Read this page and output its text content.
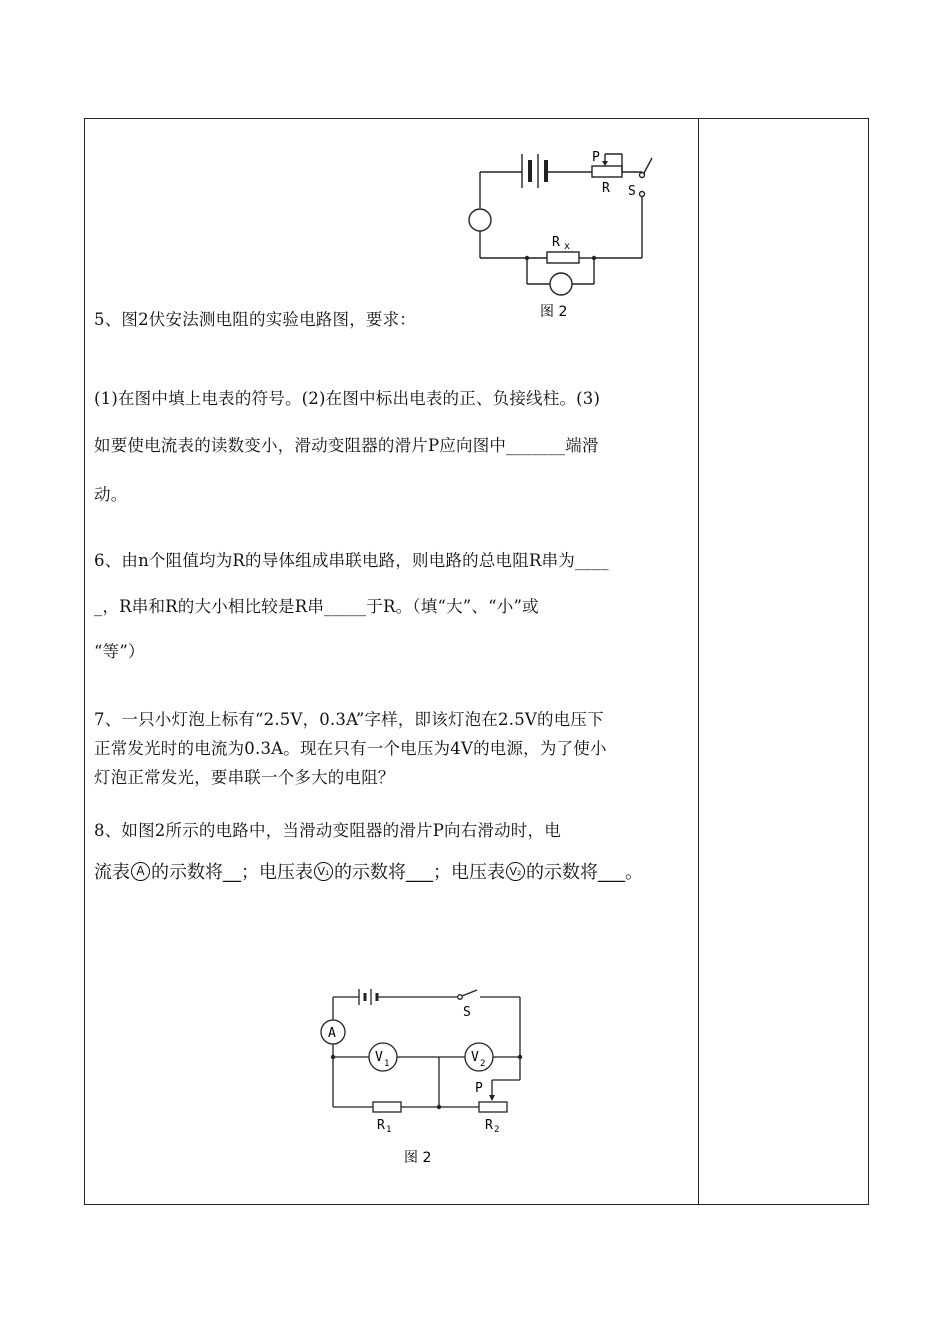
P
R S
R x
图 2
5、图2伏安法测电阻的实验电路图，要求：
(1)在图中填上电表的符号。(2)在图中标出电表的正、负接线柱。(3)
如要使电流表的读数变小，滑动变阻器的滑片P应向图中_______端滑
动。
6、由n个阻值均为R的导体组成串联电路，则电路的总电阻R串为____
_，R串和R的大小相比较是R串_____于R。（填“大”、“小”或
“等”）
7、一只小灯泡上标有“2.5V，0.3A”字样，即该灯泡在2.5V的电压下
正常发光时的电流为0.3A。现在只有一个电压为4V的电源，为了使小
灯泡正常发光，要串联一个多大的电阻？
8、如图2所示的电路中，当滑动变阻器的滑片P向右滑动时，电
流表 A 的示数将__；电压表 V₁ 的示数将___；电压表 V₂ 的示数将___。
A
S
V 1	V 2
P
R 1	R 2
图 2
